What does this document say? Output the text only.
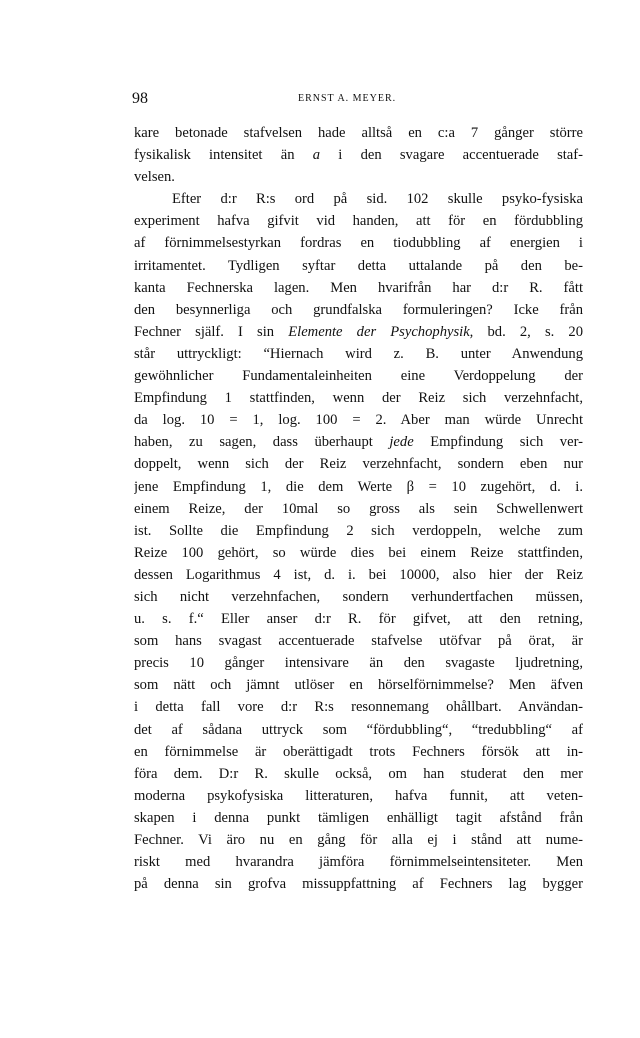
98	ERNST A. MEYER.
kare betonade stafvelsen hade alltså en c:a 7 gånger större
fysikalisk intensitet än a i den svagare accentuerade staf-
velsen.
Efter d:r R:s ord på sid. 102 skulle psyko-fysiska
experiment hafva gifvit vid handen, att för en fördubbling
af förnimmelsestyrkan fordras en tiodubbling af energien i
irritamentet. Tydligen syftar detta uttalande på den be-
kanta Fechnerska lagen. Men hvarifrån har d:r R. fått
den besynnerliga och grundfalska formuleringen? Icke från
Fechner själf. I sin Elemente der Psychophysik, bd. 2, s. 20
står uttryckligt: “Hiernach wird z. B. unter Anwendung
gewöhnlicher Fundamentaleinheiten eine Verdoppelung der
Empfindung 1 stattfinden, wenn der Reiz sich verzehnfacht,
da log. 10 = 1, log. 100 = 2. Aber man würde Unrecht
haben, zu sagen, dass überhaupt jede Empfindung sich ver-
doppelt, wenn sich der Reiz verzehnfacht, sondern eben nur
jene Empfindung 1, die dem Werte β = 10 zugehört, d. i.
einem Reize, der 10mal so gross als sein Schwellenwert
ist. Sollte die Empfindung 2 sich verdoppeln, welche zum
Reize 100 gehört, so würde dies bei einem Reize stattfinden,
dessen Logarithmus 4 ist, d. i. bei 10000, also hier der Reiz
sich nicht verzehnfachen, sondern verhundertfachen müssen,
u. s. f.“ Eller anser d:r R. för gifvet, att den retning,
som hans svagast accentuerade stafvelse utöfvar på örat, är
precis 10 gånger intensivare än den svagaste ljudretning,
som nätt och jämnt utlöser en hörselförnimmelse? Men äfven
i detta fall vore d:r R:s resonnemang ohållbart. Användan-
det af sådana uttryck som “fördubbling“, “tredubbling“ af
en förnimmelse är oberättigadt trots Fechners försök att in-
föra dem. D:r R. skulle också, om han studerat den mer
moderna psykofysiska litteraturen, hafva funnit, att veten-
skapen i denna punkt tämligen enhälligt tagit afstånd från
Fechner. Vi äro nu en gång för alla ej i stånd att nume-
riskt med hvarandra jämföra förnimmelseintensiteter. Men
på denna sin grofva missuppfattning af Fechners lag bygger
